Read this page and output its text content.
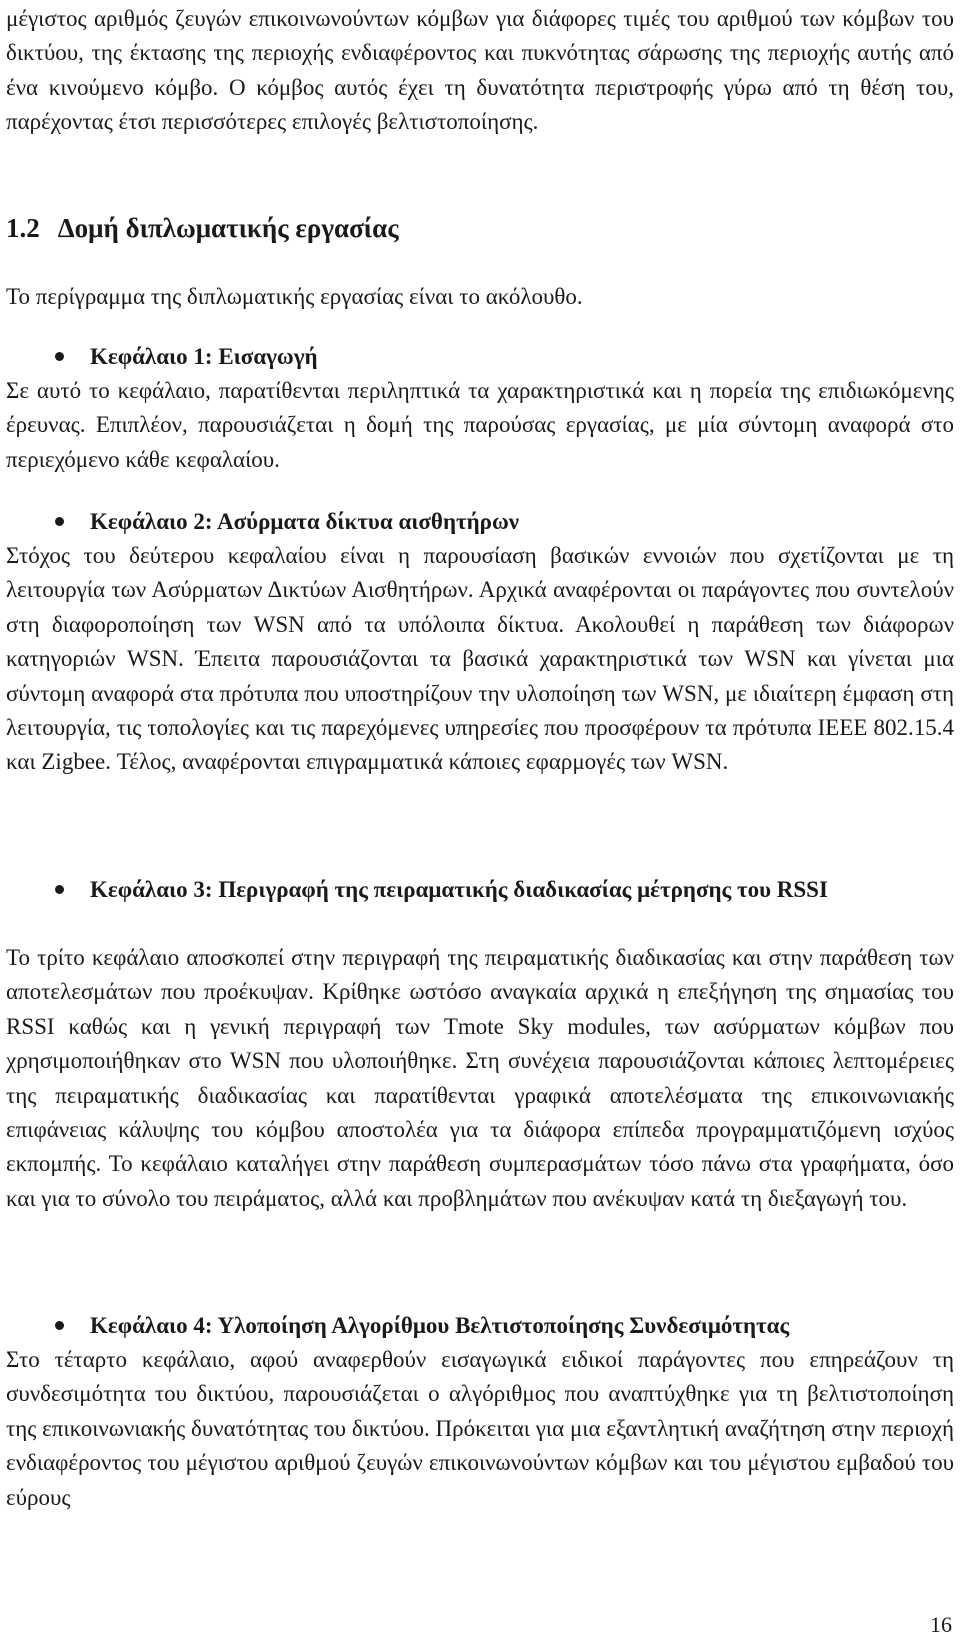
μέγιστος αριθμός ζευγών επικοινωνούντων κόμβων για διάφορες τιμές του αριθμού των κόμβων του δικτύου, της έκτασης της περιοχής ενδιαφέροντος και πυκνότητας σάρωσης της περιοχής αυτής από ένα κινούμενο κόμβο. Ο κόμβος αυτός έχει τη δυνατότητα περιστροφής γύρω από τη θέση του, παρέχοντας έτσι περισσότερες επιλογές βελτιστοποίησης.

1.2 Δομή διπλωματικής εργασίας

Το περίγραμμα της διπλωματικής εργασίας είναι το ακόλουθο.

Κεφάλαιο 1: Εισαγωγή

Σε αυτό το κεφάλαιο, παρατίθενται περιληπτικά τα χαρακτηριστικά και η πορεία της επιδιωκόμενης έρευνας. Επιπλέον, παρουσιάζεται η δομή της παρούσας εργασίας, με μία σύντομη αναφορά στο περιεχόμενο κάθε κεφαλαίου.

Κεφάλαιο 2: Ασύρματα δίκτυα αισθητήρων

Στόχος του δεύτερου κεφαλαίου είναι η παρουσίαση βασικών εννοιών που σχετίζονται με τη λειτουργία των Ασύρματων Δικτύων Αισθητήρων. Αρχικά αναφέρονται οι παράγοντες που συντελούν στη διαφοροποίηση των WSN από τα υπόλοιπα δίκτυα. Ακολουθεί η παράθεση των διάφορων κατηγοριών WSN. Έπειτα παρουσιάζονται τα βασικά χαρακτηριστικά των WSN και γίνεται μια σύντομη αναφορά στα πρότυπα που υποστηρίζουν την υλοποίηση των WSN, με ιδιαίτερη έμφαση στη λειτουργία, τις τοπολογίες και τις παρεχόμενες υπηρεσίες που προσφέρουν τα πρότυπα IEEE 802.15.4 και Zigbee. Τέλος, αναφέρονται επιγραμματικά κάποιες εφαρμογές των WSN.

Κεφάλαιο 3: Περιγραφή της πειραματικής διαδικασίας μέτρησης του RSSI

Το τρίτο κεφάλαιο αποσκοπεί στην περιγραφή της πειραματικής διαδικασίας και στην παράθεση των αποτελεσμάτων που προέκυψαν. Κρίθηκε ωστόσο αναγκαία αρχικά η επεξήγηση της σημασίας του RSSI καθώς και η γενική περιγραφή των Tmote Sky modules, των ασύρματων κόμβων που χρησιμοποιήθηκαν στο WSN που υλοποιήθηκε. Στη συνέχεια παρουσιάζονται κάποιες λεπτομέρειες της πειραματικής διαδικασίας και παρατίθενται γραφικά αποτελέσματα της επικοινωνιακής επιφάνειας κάλυψης του κόμβου αποστολέα για τα διάφορα επίπεδα προγραμματιζόμενη ισχύος εκπομπής. Το κεφάλαιο καταλήγει στην παράθεση συμπερασμάτων τόσο πάνω στα γραφήματα, όσο και για το σύνολο του πειράματος, αλλά και προβλημάτων που ανέκυψαν κατά τη διεξαγωγή του.

Κεφάλαιο 4: Υλοποίηση Αλγορίθμου Βελτιστοποίησης Συνδεσιμότητας

Στο τέταρτο κεφάλαιο, αφού αναφερθούν εισαγωγικά ειδικοί παράγοντες που επηρεάζουν τη συνδεσιμότητα του δικτύου, παρουσιάζεται ο αλγόριθμος που αναπτύχθηκε για τη βελτιστοποίηση της επικοινωνιακής δυνατότητας του δικτύου. Πρόκειται για μια εξαντλητική αναζήτηση στην περιοχή ενδιαφέροντος του μέγιστου αριθμού ζευγών επικοινωνούντων κόμβων και του μέγιστου εμβαδού του εύρους

16
